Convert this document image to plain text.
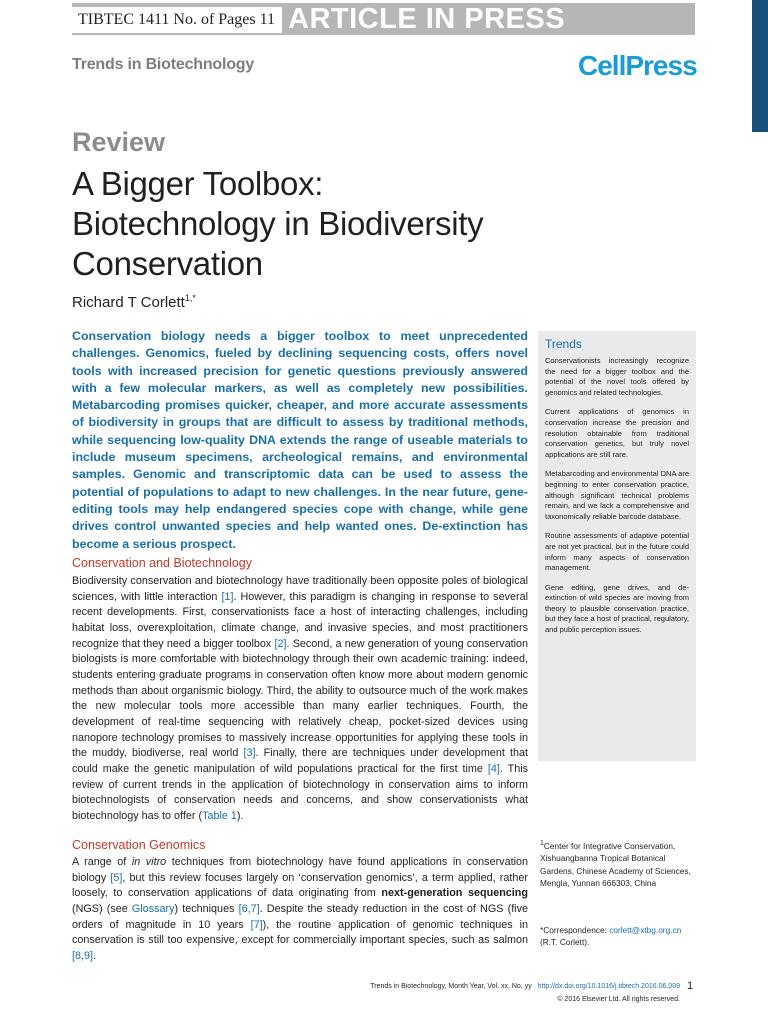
TIBTEC 1411 No. of Pages 11 ARTICLE IN PRESS
Trends in Biotechnology	CellPress
Review
A Bigger Toolbox:
Biotechnology in Biodiversity
Conservation
Richard T Corlett$^{1,*}$

Conservation biology needs a bigger toolbox to meet unprecedented challenges. Genomics, fueled by declining sequencing costs, offers novel tools with increased precision for genetic questions previously answered with a few molecular markers, as well as completely new possibilities. Metabarcoding promises quicker, cheaper, and more accurate assessments of biodiversity in groups that are difficult to assess by traditional methods, while sequencing low-quality DNA extends the range of useable materials to include museum specimens, archeological remains, and environmental samples. Genomic and transcriptomic data can be used to assess the potential of populations to adapt to new challenges. In the near future, gene-editing tools may help endangered species cope with change, while gene drives control unwanted species and help wanted ones. De-extinction has become a serious prospect.

Trends

Conservationists increasingly recognize the need for a bigger toolbox and the potential of the novel tools offered by genomics and related technologies.

Current applications of genomics in conservation increase the precision and resolution obtainable from traditional conservation genetics, but truly novel applications are still rare.

Metabarcoding and environmental DNA are beginning to enter conservation practice, although significant technical problems remain, and we lack a comprehensive and taxonomically reliable barcode database.

Routine assessments of adaptive potential are not yet practical, but in the future could inform many aspects of conservation management.

Gene editing, gene drives, and de-extinction of wild species are moving from theory to plausible conservation practice, but they face a host of practical, regulatory, and public perception issues.

Conservation and Biotechnology

Biodiversity conservation and biotechnology have traditionally been opposite poles of biological sciences, with little interaction [1]. However, this paradigm is changing in response to several recent developments. First, conservationists face a host of interacting challenges, including habitat loss, overexploitation, climate change, and invasive species, and most practitioners recognize that they need a bigger toolbox [2]. Second, a new generation of young conservation biologists is more comfortable with biotechnology through their own academic training: indeed, students entering graduate programs in conservation often know more about modern genomic methods than about organismic biology. Third, the ability to outsource much of the work makes the new molecular tools more accessible than many earlier techniques. Fourth, the development of real-time sequencing with relatively cheap, pocket-sized devices using nanopore technology promises to massively increase opportunities for applying these tools in the muddy, biodiverse, real world [3]. Finally, there are techniques under development that could make the genetic manipulation of wild populations practical for the first time [4]. This review of current trends in the application of biotechnology in conservation aims to inform biotechnologists of conservation needs and concerns, and show conservationists what biotechnology has to offer (Table 1).

Conservation Genomics

A range of in vitro techniques from biotechnology have found applications in conservation biology [5], but this review focuses largely on ‘conservation genomics’, a term applied, rather loosely, to conservation applications of data originating from next-generation sequencing (NGS) (see Glossary) techniques [6,7]. Despite the steady reduction in the cost of NGS (five orders of magnitude in 10 years [7]), the routine application of genomic techniques in conservation is still too expensive, except for commercially important species, such as salmon [8,9].

$^1$Center for Integrative Conservation, Xishuangbanna Tropical Botanical Gardens, Chinese Academy of Sciences, Mengla, Yunnan 666303, China
*Correspondence: corlett@xtbg.org.cn
(R.T. Corlett).
Trends in Biotechnology, Month Year, Vol. xx, No. yy http://dx.doi.org/10.1016/j.tibtech.2016.06.009
© 2016 Elsevier Ltd. All rights reserved.
1
